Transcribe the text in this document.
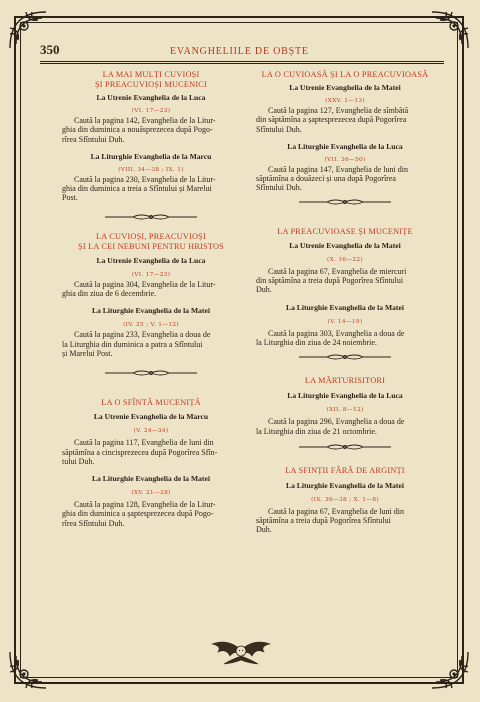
350	EVANGHELIILE DE OBȘTE
LA MAI MULȚI CUVIOȘI
ȘI PREACUVIOȘI MUCENICI
La Utrenie Evanghelia de la Luca
(VI. 17—23)
Caută la pagina 142, Evanghelia de la Litur-
ghia din duminica a nouăsprezecea după Pogo-
rîrea Sfîntului Duh.
La Liturghie Evanghelia de la Marcu
(VIII. 34—38 ; IX. 1)
Caută la pagina 230, Evanghelia de la Litur-
ghia din duminica a treia a Sfîntului și Marelui
Post.
LA CUVIOȘI, PREACUVIOȘI
ȘI LA CEI NEBUNI PENTRU HRISTOS
La Utrenie Evanghelia de la Luca
(VI. 17—23)
Caută la pagina 304, Evanghelia de la Litur-
ghia din ziua de 6 decembrie.
La Liturghie Evanghelia de la Matei
(IV. 25 ; V. 1—12)
Caută la pagina 233, Evanghelia a doua de
la Liturghia din duminica a patra a Sfîntului
și Marelui Post.
LA O SFÎNTĂ MUCENIȚĂ
La Utrenie Evanghelia de la Marcu
(V. 24—34)
Caută la pagina 117, Evanghelia de luni din
săptămîna a cincisprezecea după Pogorîrea Sfîn-
tului Duh.
La Liturghie Evanghelia de la Matei
(XV. 21—28)
Caută la pagina 128, Evanghelia de la Litur-
ghia din duminica a șaptesprezecea după Pogo-
rîrea Sfîntului Duh.
LA O CUVIOASĂ ȘI LA O PREACUVIOASĂ
La Utrenie Evanghelia de la Matei
(XXV. 1—13)
Caută la pagina 127, Evanghelia de sîmbătă
din săptămîna a șaptesprezecea după Pogorîrea
Sfîntului Duh.
La Liturghie Evanghelia de la Luca
(VII. 36—50)
Caută la pagina 147, Evanghelia de luni din
săptămîna a douăzeci și una după Pogorîrea
Sfîntului Duh.
LA PREACUVIOASE ȘI MUCENIȚE
La Utrenie Evanghelia de la Matei
(X. 16—22)
Caută la pagina 67, Evanghelia de miercuri
din săptămîna a treia după Pogorîrea Sfîntului
Duh.
La Liturghie Evanghelia de la Matei
(V. 14—19)
Caută la pagina 303, Evanghelia a doua de
la Liturghia din ziua de 24 noiembrie.
LA MĂRTURISITORI
La Liturghie Evanghelia de la Luca
(XII. 8—12)
Caută la pagina 296, Evanghelia a doua de
la Liturghia din ziua de 21 octombrie.
LA SFINȚII FĂRĂ DE ARGINȚI
La Liturghie Evanghelia de la Matei
(IX. 36—38 ; X. 1—8)
Caută la pagina 67, Evanghelia de luni din
săptămîna a treia după Pogorîrea Sfîntului
Duh.
